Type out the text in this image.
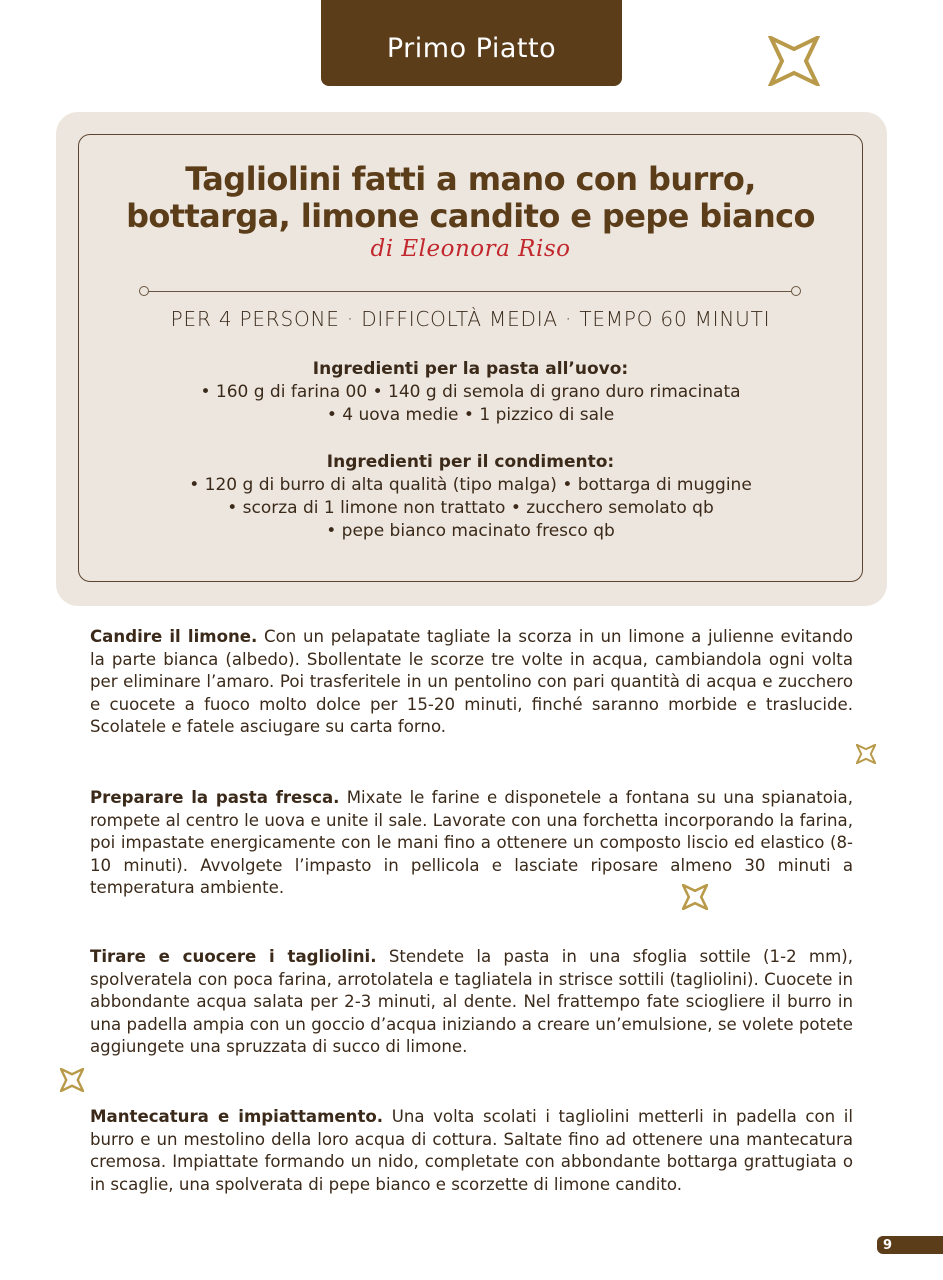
Primo Piatto
Tagliolini fatti a mano con burro,
bottarga, limone candito e pepe bianco
di Eleonora Riso
PER 4 PERSONE · DIFFICOLTÀ MEDIA · TEMPO 60 MINUTI
Ingredienti per la pasta all’uovo:
• 160 g di farina 00 • 140 g di semola di grano duro rimacinata
• 4 uova medie • 1 pizzico di sale
Ingredienti per il condimento:
• 120 g di burro di alta qualità (tipo malga) • bottarga di muggine
• scorza di 1 limone non trattato • zucchero semolato qb
• pepe bianco macinato fresco qb
Candire il limone. Con un pelapatate tagliate la scorza in un limone a julienne evitando la parte bianca (albedo). Sbollentate le scorze tre volte in acqua, cambiandola ogni volta per eliminare l’amaro. Poi trasferitele in un pentolino con pari quantità di acqua e zucchero e cuocete a fuoco molto dolce per 15-20 minuti, finché saranno morbide e traslucide. Scolatele e fatele asciugare su carta forno.
Preparare la pasta fresca. Mixate le farine e disponetele a fontana su una spianatoia, rompete al centro le uova e unite il sale. Lavorate con una forchetta incorporando la farina, poi impastate energicamente con le mani fino a ottenere un composto liscio ed elastico (8-10 minuti). Avvolgete l’impasto in pellicola e lasciate riposare almeno 30 minuti a temperatura ambiente.
Tirare e cuocere i tagliolini. Stendete la pasta in una sfoglia sottile (1-2 mm), spolveratela con poca farina, arrotolatela e tagliatela in strisce sottili (tagliolini). Cuocete in abbondante acqua salata per 2-3 minuti, al dente. Nel frattempo fate sciogliere il burro in una padella ampia con un goccio d’acqua iniziando a creare un’emulsione, se volete potete aggiungete una spruzzata di succo di limone.
Mantecatura e impiattamento. Una volta scolati i tagliolini metterli in padella con il burro e un mestolino della loro acqua di cottura. Saltate fino ad ottenere una mantecatura cremosa. Impiattate formando un nido, completate con abbondante bottarga grattugiata o in scaglie, una spolverata di pepe bianco e scorzette di limone candito.
9
